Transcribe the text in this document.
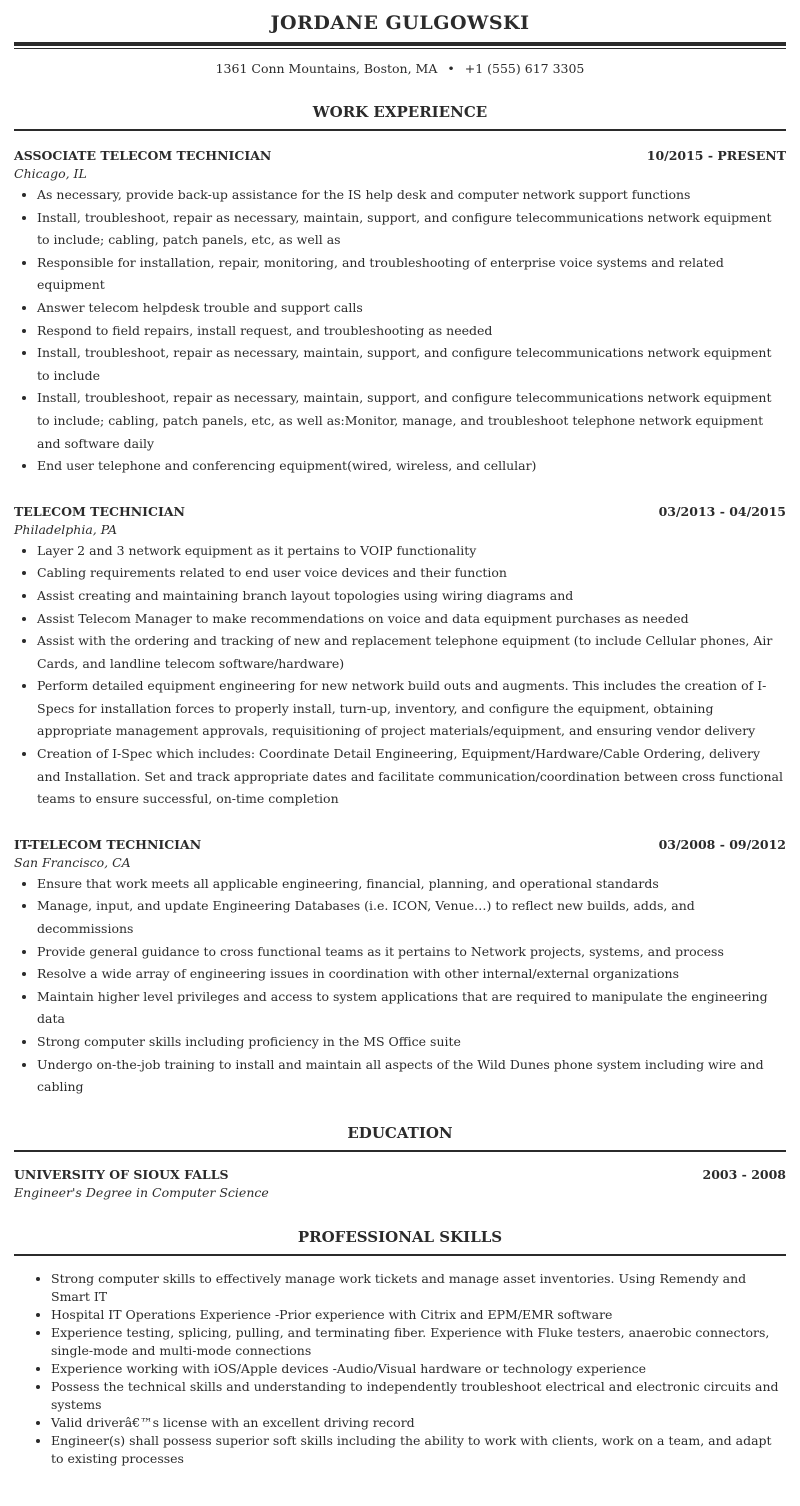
JORDANE GULGOWSKI
1361 Conn Mountains, Boston, MA • +1 (555) 617 3305
WORK EXPERIENCE
ASSOCIATE TELECOM TECHNICIAN	10/2015 - PRESENT
Chicago, IL
• As necessary, provide back-up assistance for the IS help desk and computer network support functions
• Install, troubleshoot, repair as necessary, maintain, support, and configure telecommunications network equipment to include; cabling, patch panels, etc, as well as
• Responsible for installation, repair, monitoring, and troubleshooting of enterprise voice systems and related equipment
• Answer telecom helpdesk trouble and support calls
• Respond to field repairs, install request, and troubleshooting as needed
• Install, troubleshoot, repair as necessary, maintain, support, and configure telecommunications network equipment to include
• Install, troubleshoot, repair as necessary, maintain, support, and configure telecommunications network equipment to include; cabling, patch panels, etc, as well as:Monitor, manage, and troubleshoot telephone network equipment and software daily
• End user telephone and conferencing equipment(wired, wireless, and cellular)
TELECOM TECHNICIAN	03/2013 - 04/2015
Philadelphia, PA
• Layer 2 and 3 network equipment as it pertains to VOIP functionality
• Cabling requirements related to end user voice devices and their function
• Assist creating and maintaining branch layout topologies using wiring diagrams and
• Assist Telecom Manager to make recommendations on voice and data equipment purchases as needed
• Assist with the ordering and tracking of new and replacement telephone equipment (to include Cellular phones, Air Cards, and landline telecom software/hardware)
• Perform detailed equipment engineering for new network build outs and augments. This includes the creation of I-Specs for installation forces to properly install, turn-up, inventory, and configure the equipment, obtaining appropriate management approvals, requisitioning of project materials/equipment, and ensuring vendor delivery
• Creation of I-Spec which includes: Coordinate Detail Engineering, Equipment/Hardware/Cable Ordering, delivery and Installation. Set and track appropriate dates and facilitate communication/coordination between cross functional teams to ensure successful, on-time completion
IT-TELECOM TECHNICIAN	03/2008 - 09/2012
San Francisco, CA
• Ensure that work meets all applicable engineering, financial, planning, and operational standards
• Manage, input, and update Engineering Databases (i.e. ICON, Venue…) to reflect new builds, adds, and decommissions
• Provide general guidance to cross functional teams as it pertains to Network projects, systems, and process
• Resolve a wide array of engineering issues in coordination with other internal/external organizations
• Maintain higher level privileges and access to system applications that are required to manipulate the engineering data
• Strong computer skills including proficiency in the MS Office suite
• Undergo on-the-job training to install and maintain all aspects of the Wild Dunes phone system including wire and cabling
EDUCATION
UNIVERSITY OF SIOUX FALLS	2003 - 2008
Engineer's Degree in Computer Science
PROFESSIONAL SKILLS
• Strong computer skills to effectively manage work tickets and manage asset inventories. Using Remendy and Smart IT
• Hospital IT Operations Experience -Prior experience with Citrix and EPM/EMR software
• Experience testing, splicing, pulling, and terminating fiber. Experience with Fluke testers, anaerobic connectors, single-mode and multi-mode connections
• Experience working with iOS/Apple devices -Audio/Visual hardware or technology experience
• Possess the technical skills and understanding to independently troubleshoot electrical and electronic circuits and systems
• Valid driverâ€™s license with an excellent driving record
• Engineer(s) shall possess superior soft skills including the ability to work with clients, work on a team, and adapt to existing processes
